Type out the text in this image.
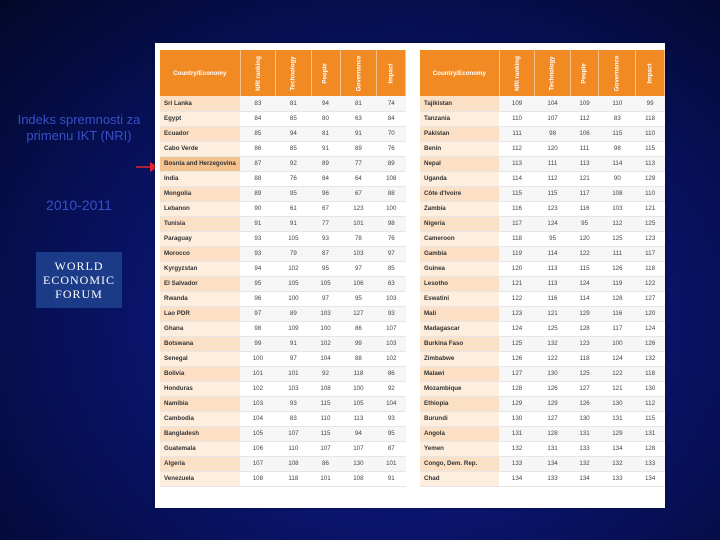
Indeks spremnosti za primenu IKT (NRI)
2010-2011
WORLD
ECONOMIC
FORUM
Country/Economy	NRI ranking	Technology	People	Governance	Impact
Sri Lanka	83	81	94	81	74
Egypt	84	85	80	63	84
Ecuador	85	94	81	91	70
Cabo Verde	86	85	91	89	76
Bosnia and Herzegovina	87	92	89	77	89
India	88	76	84	64	108
Mongolia	89	95	96	67	88
Lebanon	90	61	67	123	100
Tunisia	91	91	77	101	98
Paraguay	93	105	93	78	76
Morocco	93	79	87	103	97
Kyrgyzstan	94	102	95	97	85
El Salvador	95	105	105	106	63
Rwanda	96	100	97	95	103
Lao PDR	97	89	103	127	93
Ghana	98	109	100	86	107
Botswana	99	91	102	99	103
Senegal	100	97	104	88	102
Bolivia	101	101	92	118	86
Honduras	102	103	108	100	92
Namibia	103	93	115	105	104
Cambodia	104	83	110	113	93
Bangladesh	105	107	115	94	95
Guatemala	106	110	107	107	87
Algeria	107	108	86	130	101
Venezuela	108	118	101	108	91
Country/Economy	NRI ranking	Technology	People	Governance	Impact
Tajikistan	109	104	109	110	99
Tanzania	110	107	112	83	118
Pakistan	111	98	106	115	110
Benin	112	120	111	98	115
Nepal	113	111	113	114	113
Uganda	114	112	121	90	129
Côte d'Ivoire	115	115	117	108	110
Zambia	116	123	116	103	121
Nigeria	117	124	95	112	125
Cameroon	118	95	120	125	123
Gambia	119	114	122	111	117
Guinea	120	113	115	126	118
Lesotho	121	113	124	119	122
Eswatini	122	116	114	128	127
Mali	123	121	129	116	120
Madagascar	124	125	128	117	124
Burkina Faso	125	132	123	100	126
Zimbabwe	126	122	118	124	132
Malawi	127	130	125	122	118
Mozambique	128	126	127	121	130
Ethiopia	129	129	126	130	112
Burundi	130	127	130	131	115
Angola	131	128	131	129	131
Yemen	132	131	133	134	128
Congo, Dem. Rep.	133	134	132	132	133
Chad	134	133	134	133	134
